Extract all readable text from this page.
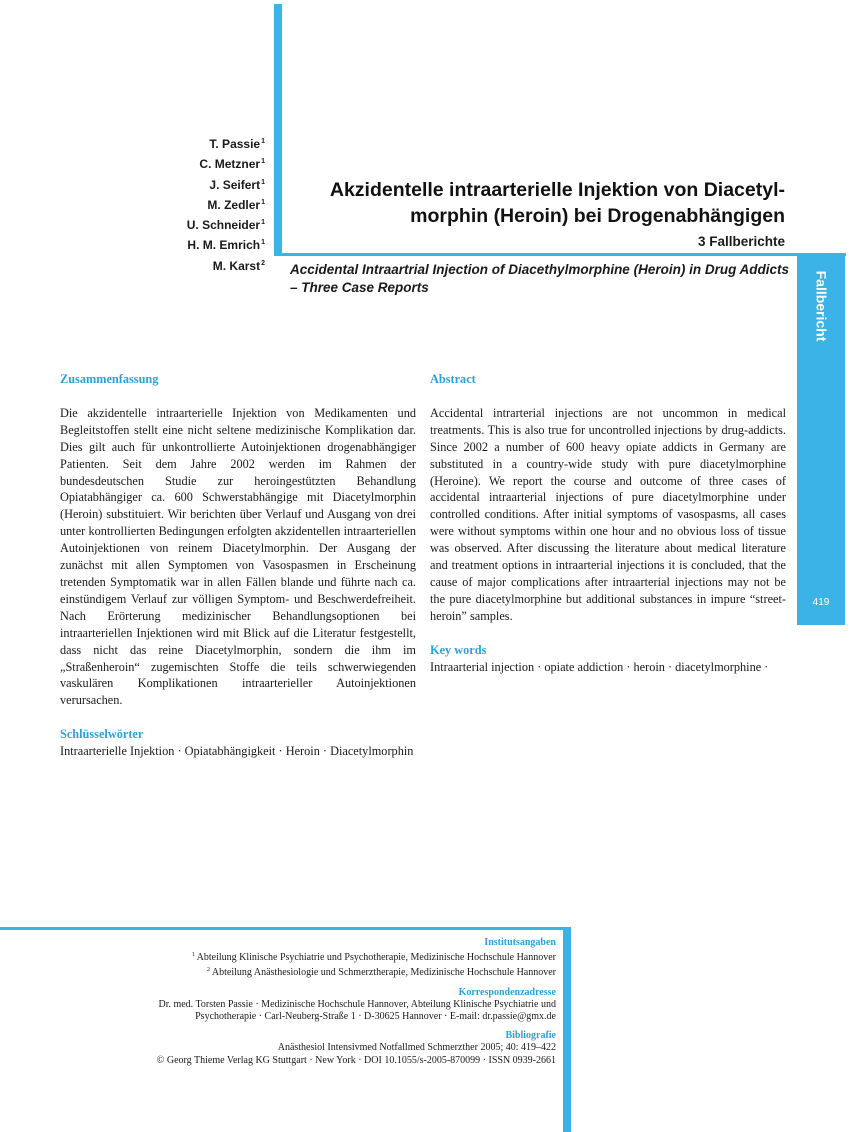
T. Passie$^1$
C. Metzner$^1$
J. Seifert$^1$
M. Zedler$^1$
U. Schneider$^1$
H. M. Emrich$^1$
M. Karst$^2$
Akzidentelle intraarterielle Injektion von Diacetyl-
morphin (Heroin) bei Drogenabhängigen
3 Fallberichte
Accidental Intraartrial Injection of Diacethylmorphine (Heroin) in Drug Addicts – Three Case Reports	Fallbericht
419
Zusammenfassung

Die akzidentelle intraarterielle Injektion von Medikamenten und Begleitstoffen stellt eine nicht seltene medizinische Komplikation dar. Dies gilt auch für unkontrollierte Autoinjektionen drogenabhängiger Patienten. Seit dem Jahre 2002 werden im Rahmen der bundesdeutschen Studie zur heroingestützten Behandlung Opiatabhängiger ca. 600 Schwerstabhängige mit Diacetylmorphin (Heroin) substituiert. Wir berichten über Verlauf und Ausgang von drei unter kontrollierten Bedingungen erfolgten akzidentellen intraarteriellen Autoinjektionen von reinem Diacetylmorphin. Der Ausgang der zunächst mit allen Symptomen von Vasospasmen in Erscheinung tretenden Symptomatik war in allen Fällen blande und führte nach ca. einstündigem Verlauf zur völligen Symptom- und Beschwerdefreiheit. Nach Erörterung medizinischer Behandlungsoptionen bei intraarteriellen Injektionen wird mit Blick auf die Literatur festgestellt, dass nicht das reine Diacetylmorphin, sondern die ihm im „Straßenheroin“ zugemischten Stoffe die teils schwerwiegenden vaskulären Komplikationen intraarterieller Autoinjektionen verursachen.

Schlüsselwörter

Intraarterielle Injektion · Opiatabhängigkeit · Heroin · Diacetylmorphin

Abstract

Accidental intrarterial injections are not uncommon in medical treatments. This is also true for uncontrolled injections by drug-addicts. Since 2002 a number of 600 heavy opiate addicts in Germany are substituted in a country-wide study with pure diacetylmorphine (Heroine). We report the course and outcome of three cases of accidental intraarterial injections of pure diacetylmorphine under controlled conditions. After initial symptoms of vasospasms, all cases were without symptoms within one hour and no obvious loss of tissue was observed. After discussing the literature about medical literature and treatment options in intraarterial injections it is concluded, that the cause of major complications after intraarterial injections may not be the pure diacetylmorphine but additional substances in impure “street-heroin” samples.

Key words

Intraarterial injection · opiate addiction · heroin · diacetylmorphine ·

Institutsangaben
$^1$ Abteilung Klinische Psychiatrie und Psychotherapie, Medizinische Hochschule Hannover
$^2$ Abteilung Anästhesiologie und Schmerztherapie, Medizinische Hochschule Hannover
Korrespondenzadresse
Dr. med. Torsten Passie · Medizinische Hochschule Hannover, Abteilung Klinische Psychiatrie und
Psychotherapie · Carl-Neuberg-Straße 1 · D-30625 Hannover · E-mail: dr.passie@gmx.de
Bibliografie
Anästhesiol Intensivmed Notfallmed Schmerzther 2005; 40: 419–422
© Georg Thieme Verlag KG Stuttgart · New York · DOI 10.1055/s-2005-870099 · ISSN 0939-2661
